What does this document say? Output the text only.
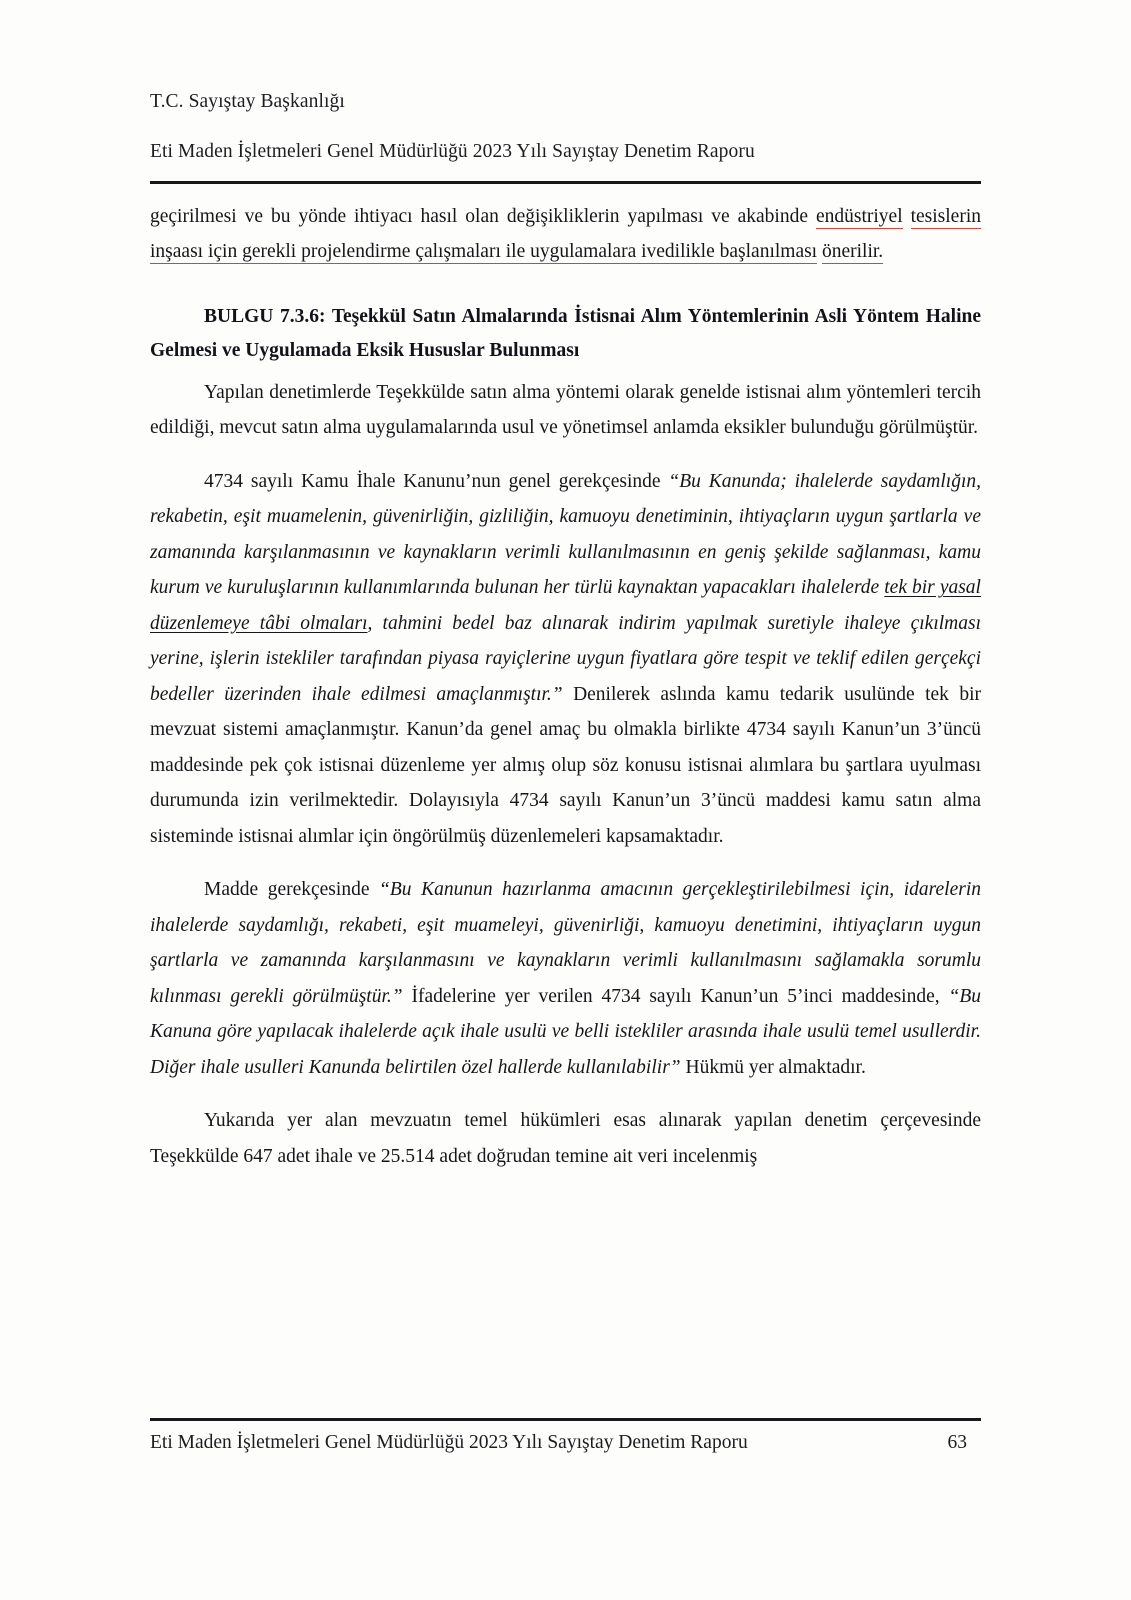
T.C. Sayıştay Başkanlığı
Eti Maden İşletmeleri Genel Müdürlüğü 2023 Yılı Sayıştay Denetim Raporu

geçirilmesi ve bu yönde ihtiyacı hasıl olan değişikliklerin yapılması ve akabinde endüstriyel tesislerin inşaası için gerekli projelendirme çalışmaları ile uygulamalara ivedilikle başlanılması önerilir.

BULGU 7.3.6: Teşekkül Satın Almalarında İstisnai Alım Yöntemlerinin Asli Yöntem Haline Gelmesi ve Uygulamada Eksik Hususlar Bulunması

Yapılan denetimlerde Teşekkülde satın alma yöntemi olarak genelde istisnai alım yöntemleri tercih edildiği, mevcut satın alma uygulamalarında usul ve yönetimsel anlamda eksikler bulunduğu görülmüştür.

4734 sayılı Kamu İhale Kanunu’nun genel gerekçesinde “Bu Kanunda; ihalelerde saydamlığın, rekabetin, eşit muamelenin, güvenirliğin, gizliliğin, kamuoyu denetiminin, ihtiyaçların uygun şartlarla ve zamanında karşılanmasının ve kaynakların verimli kullanılmasının en geniş şekilde sağlanması, kamu kurum ve kuruluşlarının kullanımlarında bulunan her türlü kaynaktan yapacakları ihalelerde tek bir yasal düzenlemeye tâbi olmaları, tahmini bedel baz alınarak indirim yapılmak suretiyle ihaleye çıkılması yerine, işlerin istekliler tarafından piyasa rayiçlerine uygun fiyatlara göre tespit ve teklif edilen gerçekçi bedeller üzerinden ihale edilmesi amaçlanmıştır.” Denilerek aslında kamu tedarik usulünde tek bir mevzuat sistemi amaçlanmıştır. Kanun’da genel amaç bu olmakla birlikte 4734 sayılı Kanun’un 3’üncü maddesinde pek çok istisnai düzenleme yer almış olup söz konusu istisnai alımlara bu şartlara uyulması durumunda izin verilmektedir. Dolayısıyla 4734 sayılı Kanun’un 3’üncü maddesi kamu satın alma sisteminde istisnai alımlar için öngörülmüş düzenlemeleri kapsamaktadır.

Madde gerekçesinde “Bu Kanunun hazırlanma amacının gerçekleştirilebilmesi için, idarelerin ihalelerde saydamlığı, rekabeti, eşit muameleyi, güvenirliği, kamuoyu denetimini, ihtiyaçların uygun şartlarla ve zamanında karşılanmasını ve kaynakların verimli kullanılmasını sağlamakla sorumlu kılınması gerekli görülmüştür.” İfadelerine yer verilen 4734 sayılı Kanun’un 5’inci maddesinde, “Bu Kanuna göre yapılacak ihalelerde açık ihale usulü ve belli istekliler arasında ihale usulü temel usullerdir. Diğer ihale usulleri Kanunda belirtilen özel hallerde kullanılabilir” Hükmü yer almaktadır.

Yukarıda yer alan mevzuatın temel hükümleri esas alınarak yapılan denetim çerçevesinde Teşekkülde 647 adet ihale ve 25.514 adet doğrudan temine ait veri incelenmiş

Eti Maden İşletmeleri Genel Müdürlüğü 2023 Yılı Sayıştay Denetim Raporu	63
